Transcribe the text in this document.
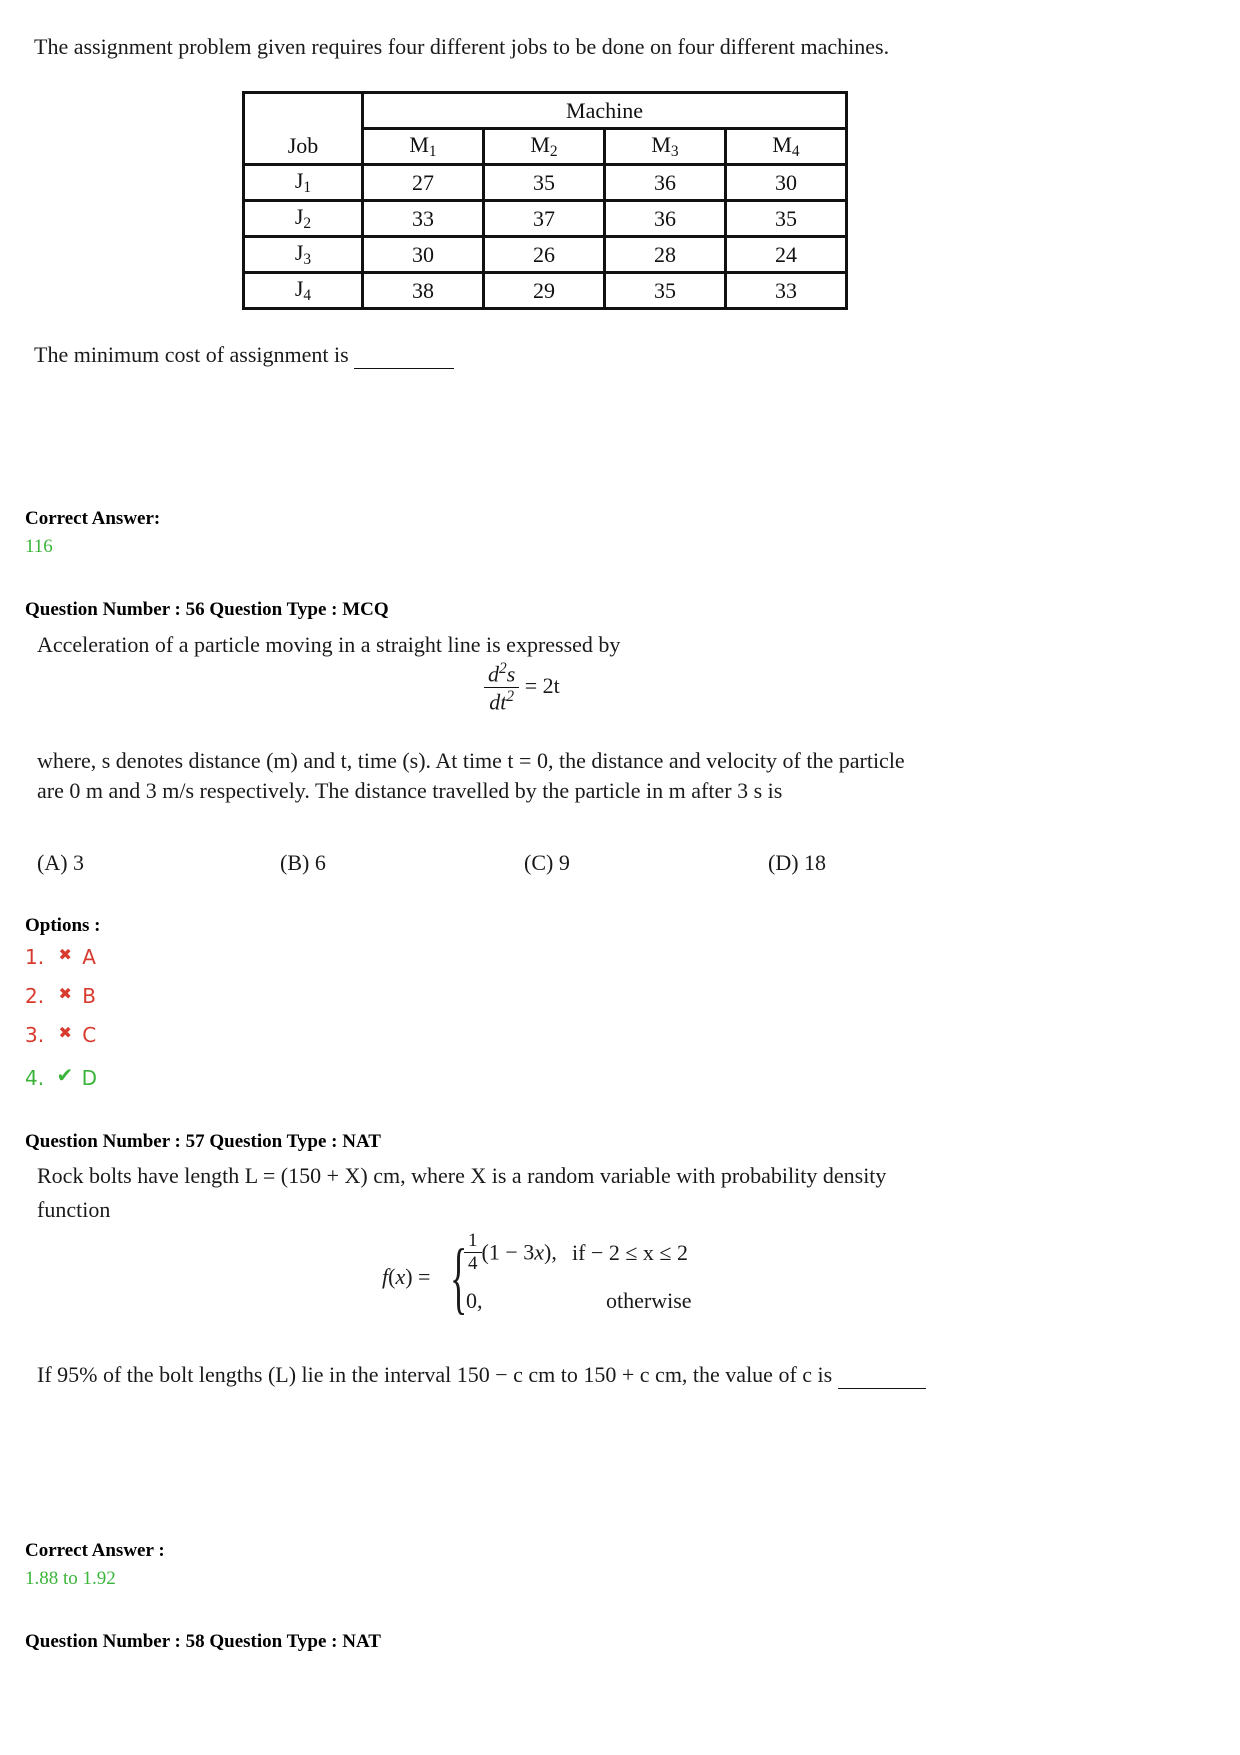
The assignment problem given requires four different jobs to be done on four different machines.
	Machine			
Job	$M_1$	$M_2$	$M_3$	$M_4$
$J_1$	27	35	36	30
$J_2$	33	37	36	35
$J_3$	30	26	28	24
$J_4$	38	29	35	33
The minimum cost of assignment is
Correct Answer:
116
Question Number : 56 Question Type : MCQ
Acceleration of a particle moving in a straight line is expressed by
$\frac{d^2s}{dt^2} = 2t$
where, s denotes distance (m) and t, time (s). At time t = 0, the distance and velocity of the particle
are 0 m and 3 m/s respectively. The distance travelled by the particle in m after 3 s is
(A) 3	(B) 6	(C) 9	(D) 18
Options :
1. ✖ A
2. ✖ B
3. ✖ C
4. ✔ D
Question Number : 57 Question Type : NAT
Rock bolts have length L = (150 + X) cm, where X is a random variable with probability density
function
f(x) = {
$\frac{1}{4} (1 - 3x)$, if − 2 ≤ x ≤ 2
0,	otherwise
If 95% of the bolt lengths (L) lie in the interval 150 − c cm to 150 + c cm, the value of c is
Correct Answer :
1.88 to 1.92
Question Number : 58 Question Type : NAT
